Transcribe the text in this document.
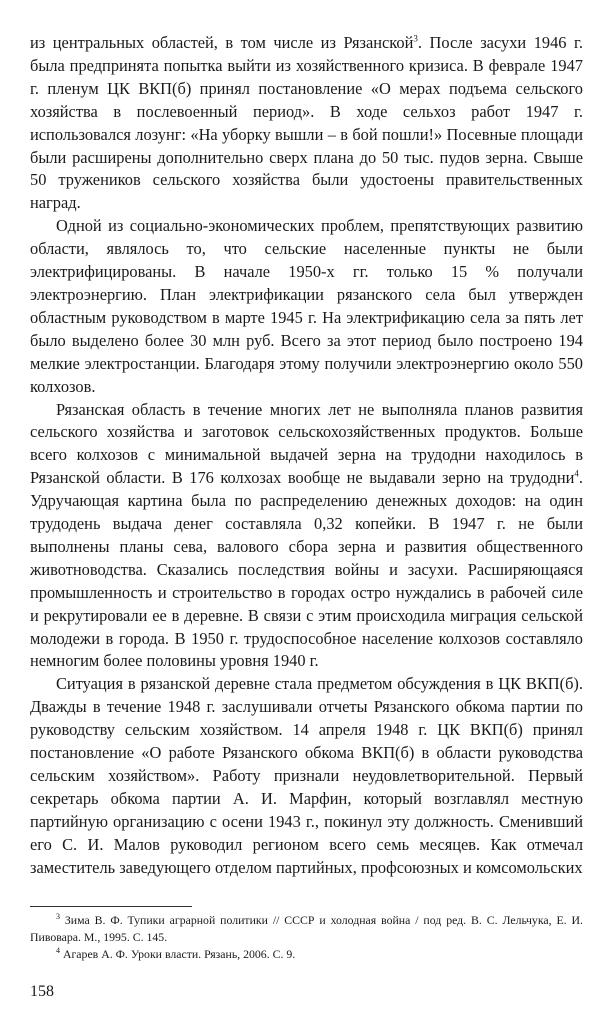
из центральных областей, в том числе из Рязанской$^3$. После засухи 1946 г. была предпринята попытка выйти из хозяйственного кризиса. В феврале 1947 г. пленум ЦК ВКП(б) принял постановление «О мерах подъема сельского хозяйства в послевоенный период». В ходе сельхоз работ 1947 г. использовался лозунг: «На уборку вышли – в бой пошли!» Посевные площади были расширены дополнительно сверх плана до 50 тыс. пудов зерна. Свыше 50 тружеников сельского хозяйства были удостоены правительственных наград.

Одной из социально-экономических проблем, препятствующих развитию области, являлось то, что сельские населенные пункты не были электрифицированы. В начале 1950-х гг. только 15 % получали электроэнергию. План электрификации рязанского села был утвержден областным руководством в марте 1945 г. На электрификацию села за пять лет было выделено более 30 млн руб. Всего за этот период было построено 194 мелкие электростанции. Благодаря этому получили электроэнергию около 550 колхозов.

Рязанская область в течение многих лет не выполняла планов развития сельского хозяйства и заготовок сельскохозяйственных продуктов. Больше всего колхозов с минимальной выдачей зерна на трудодни находилось в Рязанской области. В 176 колхозах вообще не выдавали зерно на трудодни$^4$. Удручающая картина была по распределению денежных доходов: на один трудодень выдача денег составляла 0,32 копейки. В 1947 г. не были выполнены планы сева, валового сбора зерна и развития общественного животноводства. Сказались последствия войны и засухи. Расширяющаяся промышленность и строительство в городах остро нуждались в рабочей силе и рекрутировали ее в деревне. В связи с этим происходила миграция сельской молодежи в города. В 1950 г. трудоспособное население колхозов составляло немногим более половины уровня 1940 г.

Ситуация в рязанской деревне стала предметом обсуждения в ЦК ВКП(б). Дважды в течение 1948 г. заслушивали отчеты Рязанского обкома партии по руководству сельским хозяйством. 14 апреля 1948 г. ЦК ВКП(б) принял постановление «О работе Рязанского обкома ВКП(б) в области руководства сельским хозяйством». Работу признали неудовлетворительной. Первый секретарь обкома партии А. И. Марфин, который возглавлял местную партийную организацию с осени 1943 г., покинул эту должность. Сменивший его С. И. Малов руководил регионом всего семь месяцев. Как отмечал заместитель заведующего отделом партийных, профсоюзных и комсомольских

$^3$ Зима В. Ф. Тупики аграрной политики // СССР и холодная война / под ред. В. С. Лельчука, Е. И. Пивовара. М., 1995. С. 145.

$^4$ Агарев А. Ф. Уроки власти. Рязань, 2006. С. 9.

158
